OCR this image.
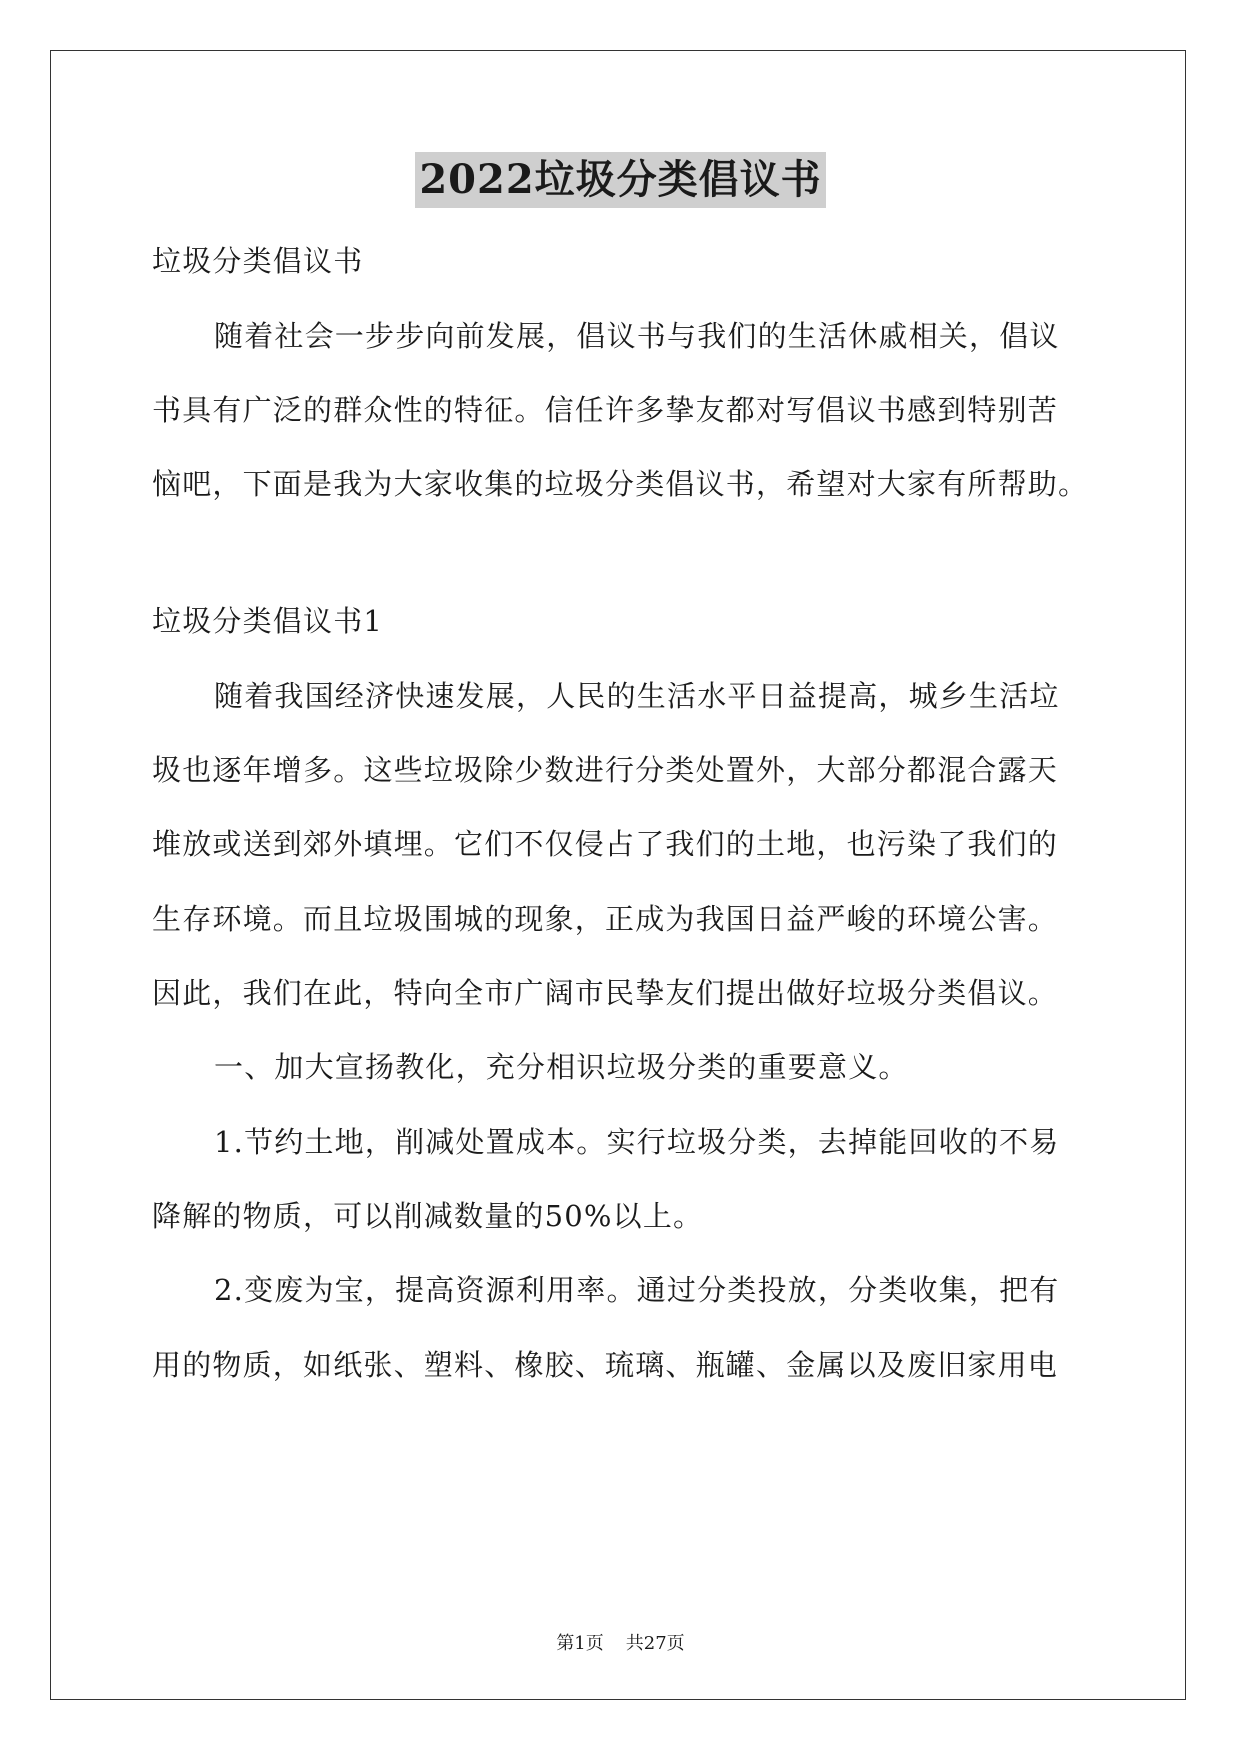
2022垃圾分类倡议书
垃圾分类倡议书
随着社会一步步向前发展，倡议书与我们的生活休戚相关，倡议
书具有广泛的群众性的特征。信任许多挚友都对写倡议书感到特别苦
恼吧，下面是我为大家收集的垃圾分类倡议书，希望对大家有所帮助。
垃圾分类倡议书1
随着我国经济快速发展，人民的生活水平日益提高，城乡生活垃
圾也逐年增多。这些垃圾除少数进行分类处置外，大部分都混合露天
堆放或送到郊外填埋。它们不仅侵占了我们的土地，也污染了我们的
生存环境。而且垃圾围城的现象，正成为我国日益严峻的环境公害。
因此，我们在此，特向全市广阔市民挚友们提出做好垃圾分类倡议。
一、加大宣扬教化，充分相识垃圾分类的重要意义。
1.节约土地，削减处置成本。实行垃圾分类，去掉能回收的不易
降解的物质，可以削减数量的50%以上。
2.变废为宝，提高资源利用率。通过分类投放，分类收集，把有
用的物质，如纸张、塑料、橡胶、琉璃、瓶罐、金属以及废旧家用电
第1页 共27页
